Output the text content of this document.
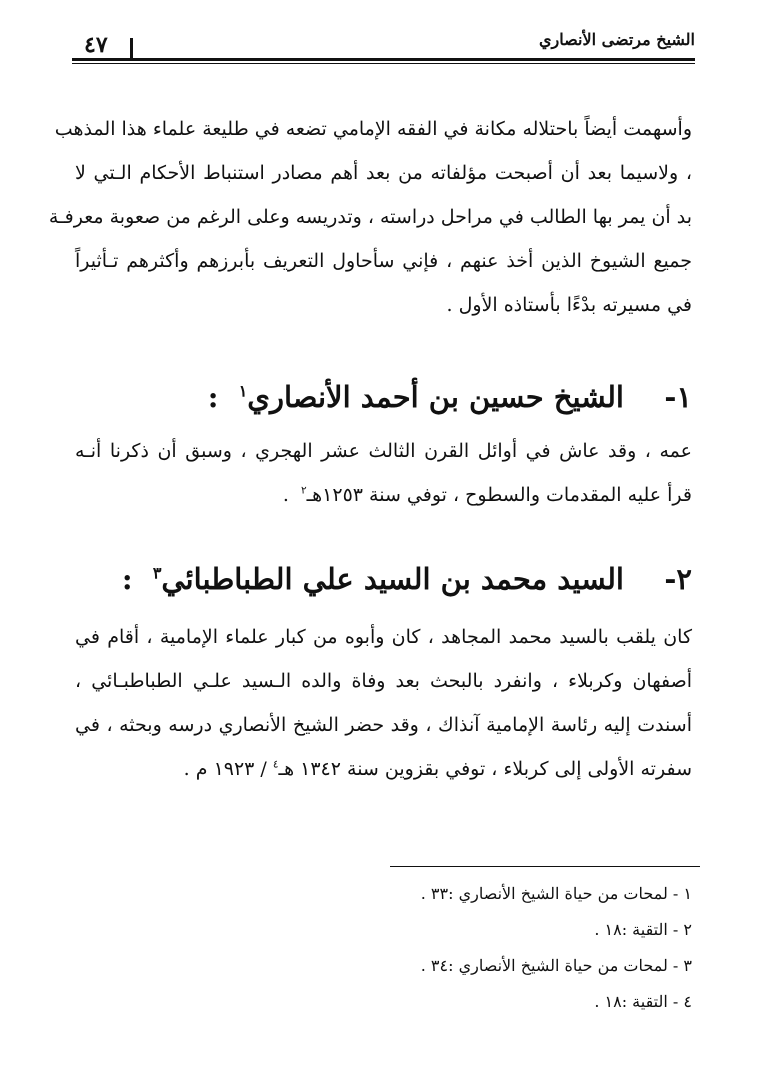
الشيخ مرتضى الأنصاري
٤٧
وأسهمت أيضاً باحتلاله مكانة في الفقه الإمامي تضعه في طليعة علماء هذا المذهب
، ولاسيما بعد أن أصبحت مؤلفاته من بعد أهم مصادر استنباط الأحكام الـتي لا
بد أن يمر بها الطالب في مراحل دراسته ، وتدريسه وعلى الرغم من صعوبة معرفـة
جميع الشيوخ الذين أخذ عنهم ، فإني سأحاول التعريف بأبرزهم وأكثرهم تـأثيراً
في مسيرته بدْءًا بأستاذه الأول .
١-    الشيخ حسين بن أحمد الأنصاري$^١$  :
عمه ، وقد عاش في أوائل القرن الثالث عشر الهجري ، وسبق أن ذكرنا أنـه
قرأ عليه المقدمات والسطوح ، توفي سنة ١٢٥٣هـ$^٢$  .
٢-    السيد محمد بن السيد علي الطباطبائي$^٣$  :
كان يلقب بالسيد محمد المجاهد ، كان وأبوه من كبار علماء الإمامية ، أقام في
أصفهان وكربلاء ، وانفرد بالبحث بعد وفاة والده الـسيد علـي الطباطبـائي ،
أسندت إليه رئاسة الإمامية آنذاك ، وقد حضر الشيخ الأنصاري درسه وبحثه ، في
سفرته الأولى إلى كربلاء ، توفي بقزوين سنة ١٣٤٢ هـ$^٤$ / ١٩٢٣ م .
١ - لمحات من حياة الشيخ الأنصاري :٣٣ .
٢ - التقية :١٨ .
٣ - لمحات من حياة الشيخ الأنصاري :٣٤ .
٤ - التقية :١٨ .
